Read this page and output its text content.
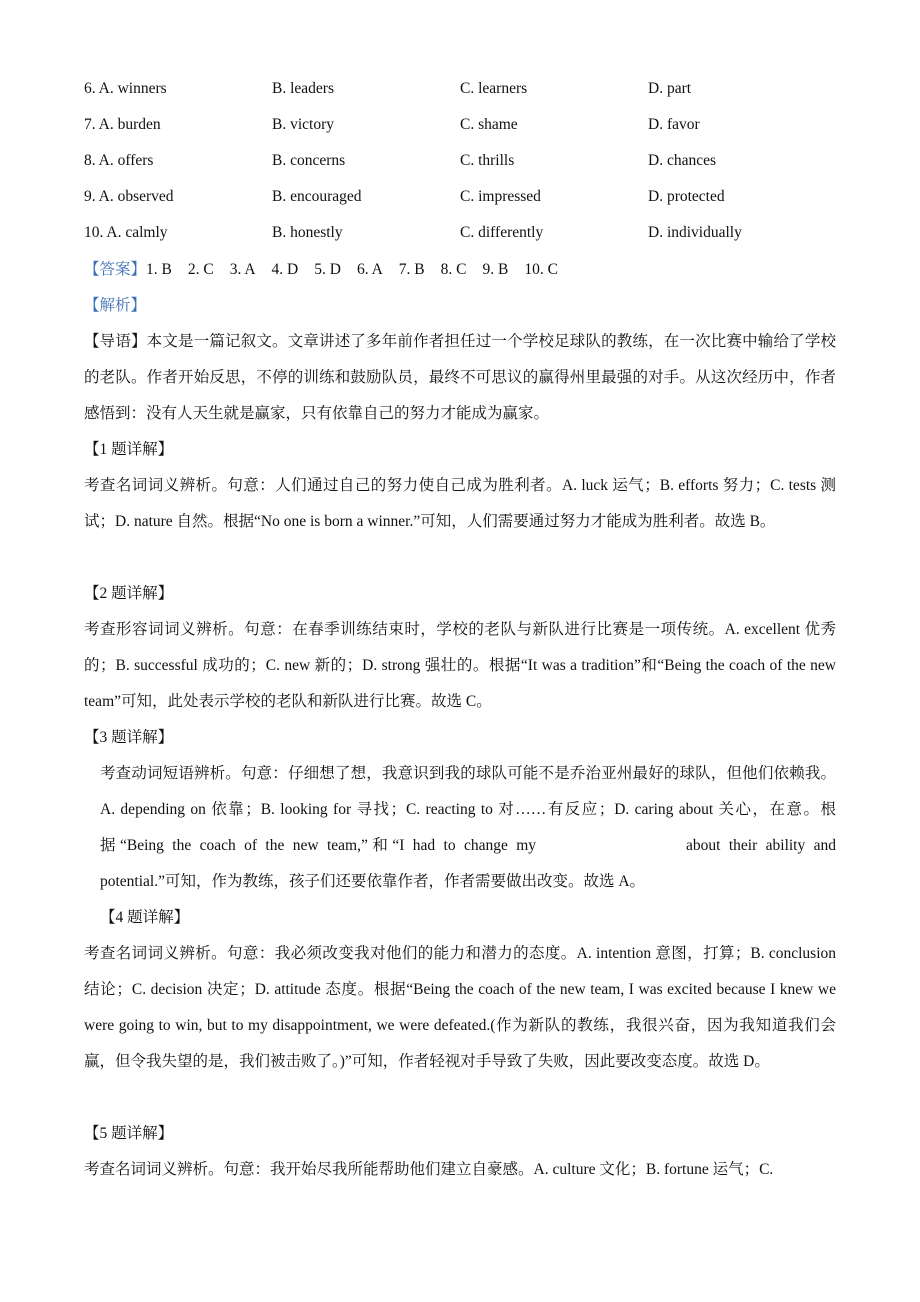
6. A. winners	B. leaders	C. learners	D. part
7. A. burden	B. victory	C. shame	D. favor
8. A. offers	B. concerns	C. thrills	D. chances
9. A. observed	B. encouraged	C. impressed	D. protected
10. A. calmly	B. honestly	C. differently	D. individually
【答案】1. B 2. C 3. A 4. D 5. D 6. A 7. B 8. C 9. B 10. C
【解析】
【导语】本文是一篇记叙文。文章讲述了多年前作者担任过一个学校足球队的教练，在一次比赛中输给了学校的老队。作者开始反思，不停的训练和鼓励队员，最终不可思议的赢得州里最强的对手。从这次经历中，作者感悟到：没有人天生就是赢家，只有依靠自己的努力才能成为赢家。
【1 题详解】
考查名词词义辨析。句意：人们通过自己的努力使自己成为胜利者。A. luck 运气；B. efforts 努力；C. tests 测试；D. nature 自然。根据“No one is born a winner.”可知，人们需要通过努力才能成为胜利者。故选 B。
【2 题详解】
考查形容词词义辨析。句意：在春季训练结束时，学校的老队与新队进行比赛是一项传统。A. excellent 优秀的；B. successful 成功的；C. new 新的；D. strong 强壮的。根据“It was a tradition”和“Being the coach of the new team”可知，此处表示学校的老队和新队进行比赛。故选 C。
【3 题详解】
考查动词短语辨析。句意：仔细想了想，我意识到我的球队可能不是乔治亚州最好的球队，但他们依赖我。A. depending on 依靠；B. looking for 寻找；C. reacting to 对……有反应；D. caring about 关心，在意。根据“Being the coach of the new team,”和“I had to change my	about their ability and potential.”可知，作为教练，孩子们还要依靠作者，作者需要做出改变。故选 A。
【4 题详解】
考查名词词义辨析。句意：我必须改变我对他们的能力和潜力的态度。A. intention 意图，打算；B. conclusion 结论；C. decision 决定；D. attitude 态度。根据“Being the coach of the new team, I was excited because I knew we were going to win, but to my disappointment, we were defeated.(作为新队的教练，我很兴奋，因为我知道我们会赢，但令我失望的是，我们被击败了。)”可知，作者轻视对手导致了失败，因此要改变态度。故选 D。
【5 题详解】
考查名词词义辨析。句意：我开始尽我所能帮助他们建立自豪感。A. culture 文化；B. fortune 运气；C.
